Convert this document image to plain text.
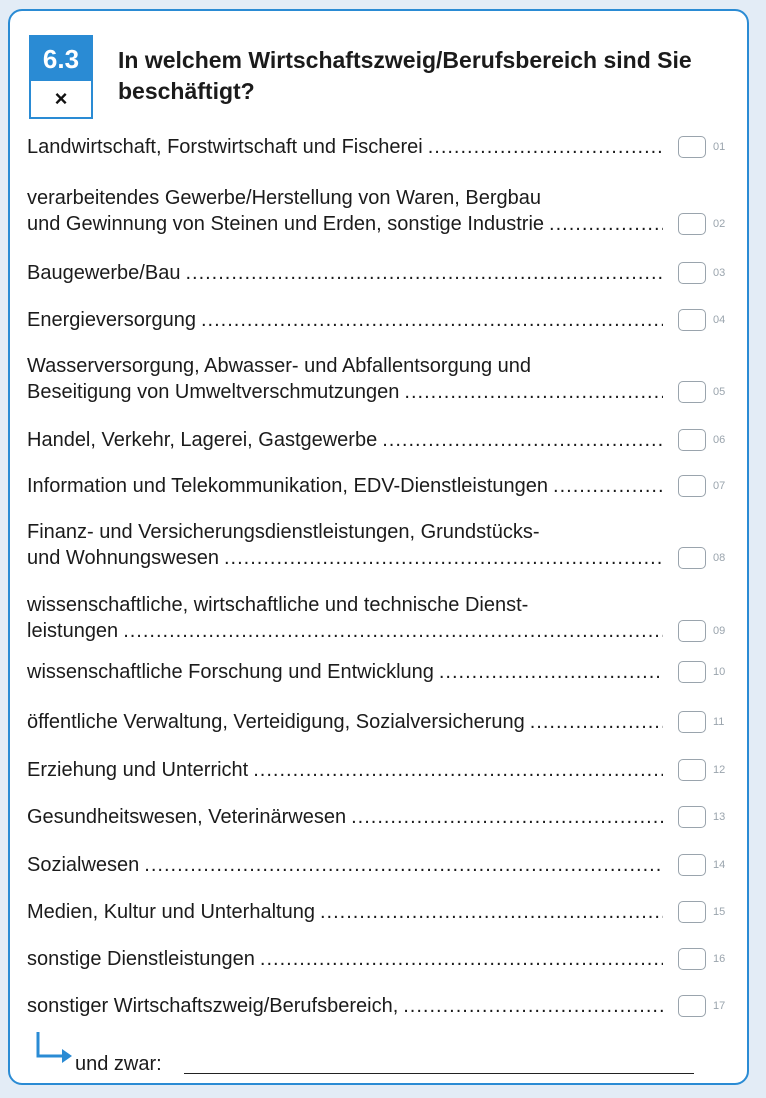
6.3
×
In welchem Wirtschaftszweig/Berufsbereich sind Sie beschäftigt?
Landwirtschaft, Forstwirtschaft und Fischerei .....	01
verarbeitendes Gewerbe/Herstellung von Waren, Bergbau
und Gewinnung von Steinen und Erden, sonstige Industrie .....	02
Baugewerbe/Bau .....	03
Energieversorgung .....	04
Wasserversorgung, Abwasser- und Abfallentsorgung und
Beseitigung von Umweltverschmutzungen .....	05
Handel, Verkehr, Lagerei, Gastgewerbe .....	06
Information und Telekommunikation, EDV-Dienstleistungen .....	07
Finanz- und Versicherungsdienstleistungen, Grundstücks-
und Wohnungswesen .....	08
wissenschaftliche, wirtschaftliche und technische Dienst-
leistungen .....	09
wissenschaftliche Forschung und Entwicklung .....	10
öffentliche Verwaltung, Verteidigung, Sozialversicherung .....	11
Erziehung und Unterricht .....	12
Gesundheitswesen, Veterinärwesen .....	13
Sozialwesen .....	14
Medien, Kultur und Unterhaltung .....	15
sonstige Dienstleistungen .....	16
sonstiger Wirtschaftszweig/Berufsbereich, .....	17
und zwar:
